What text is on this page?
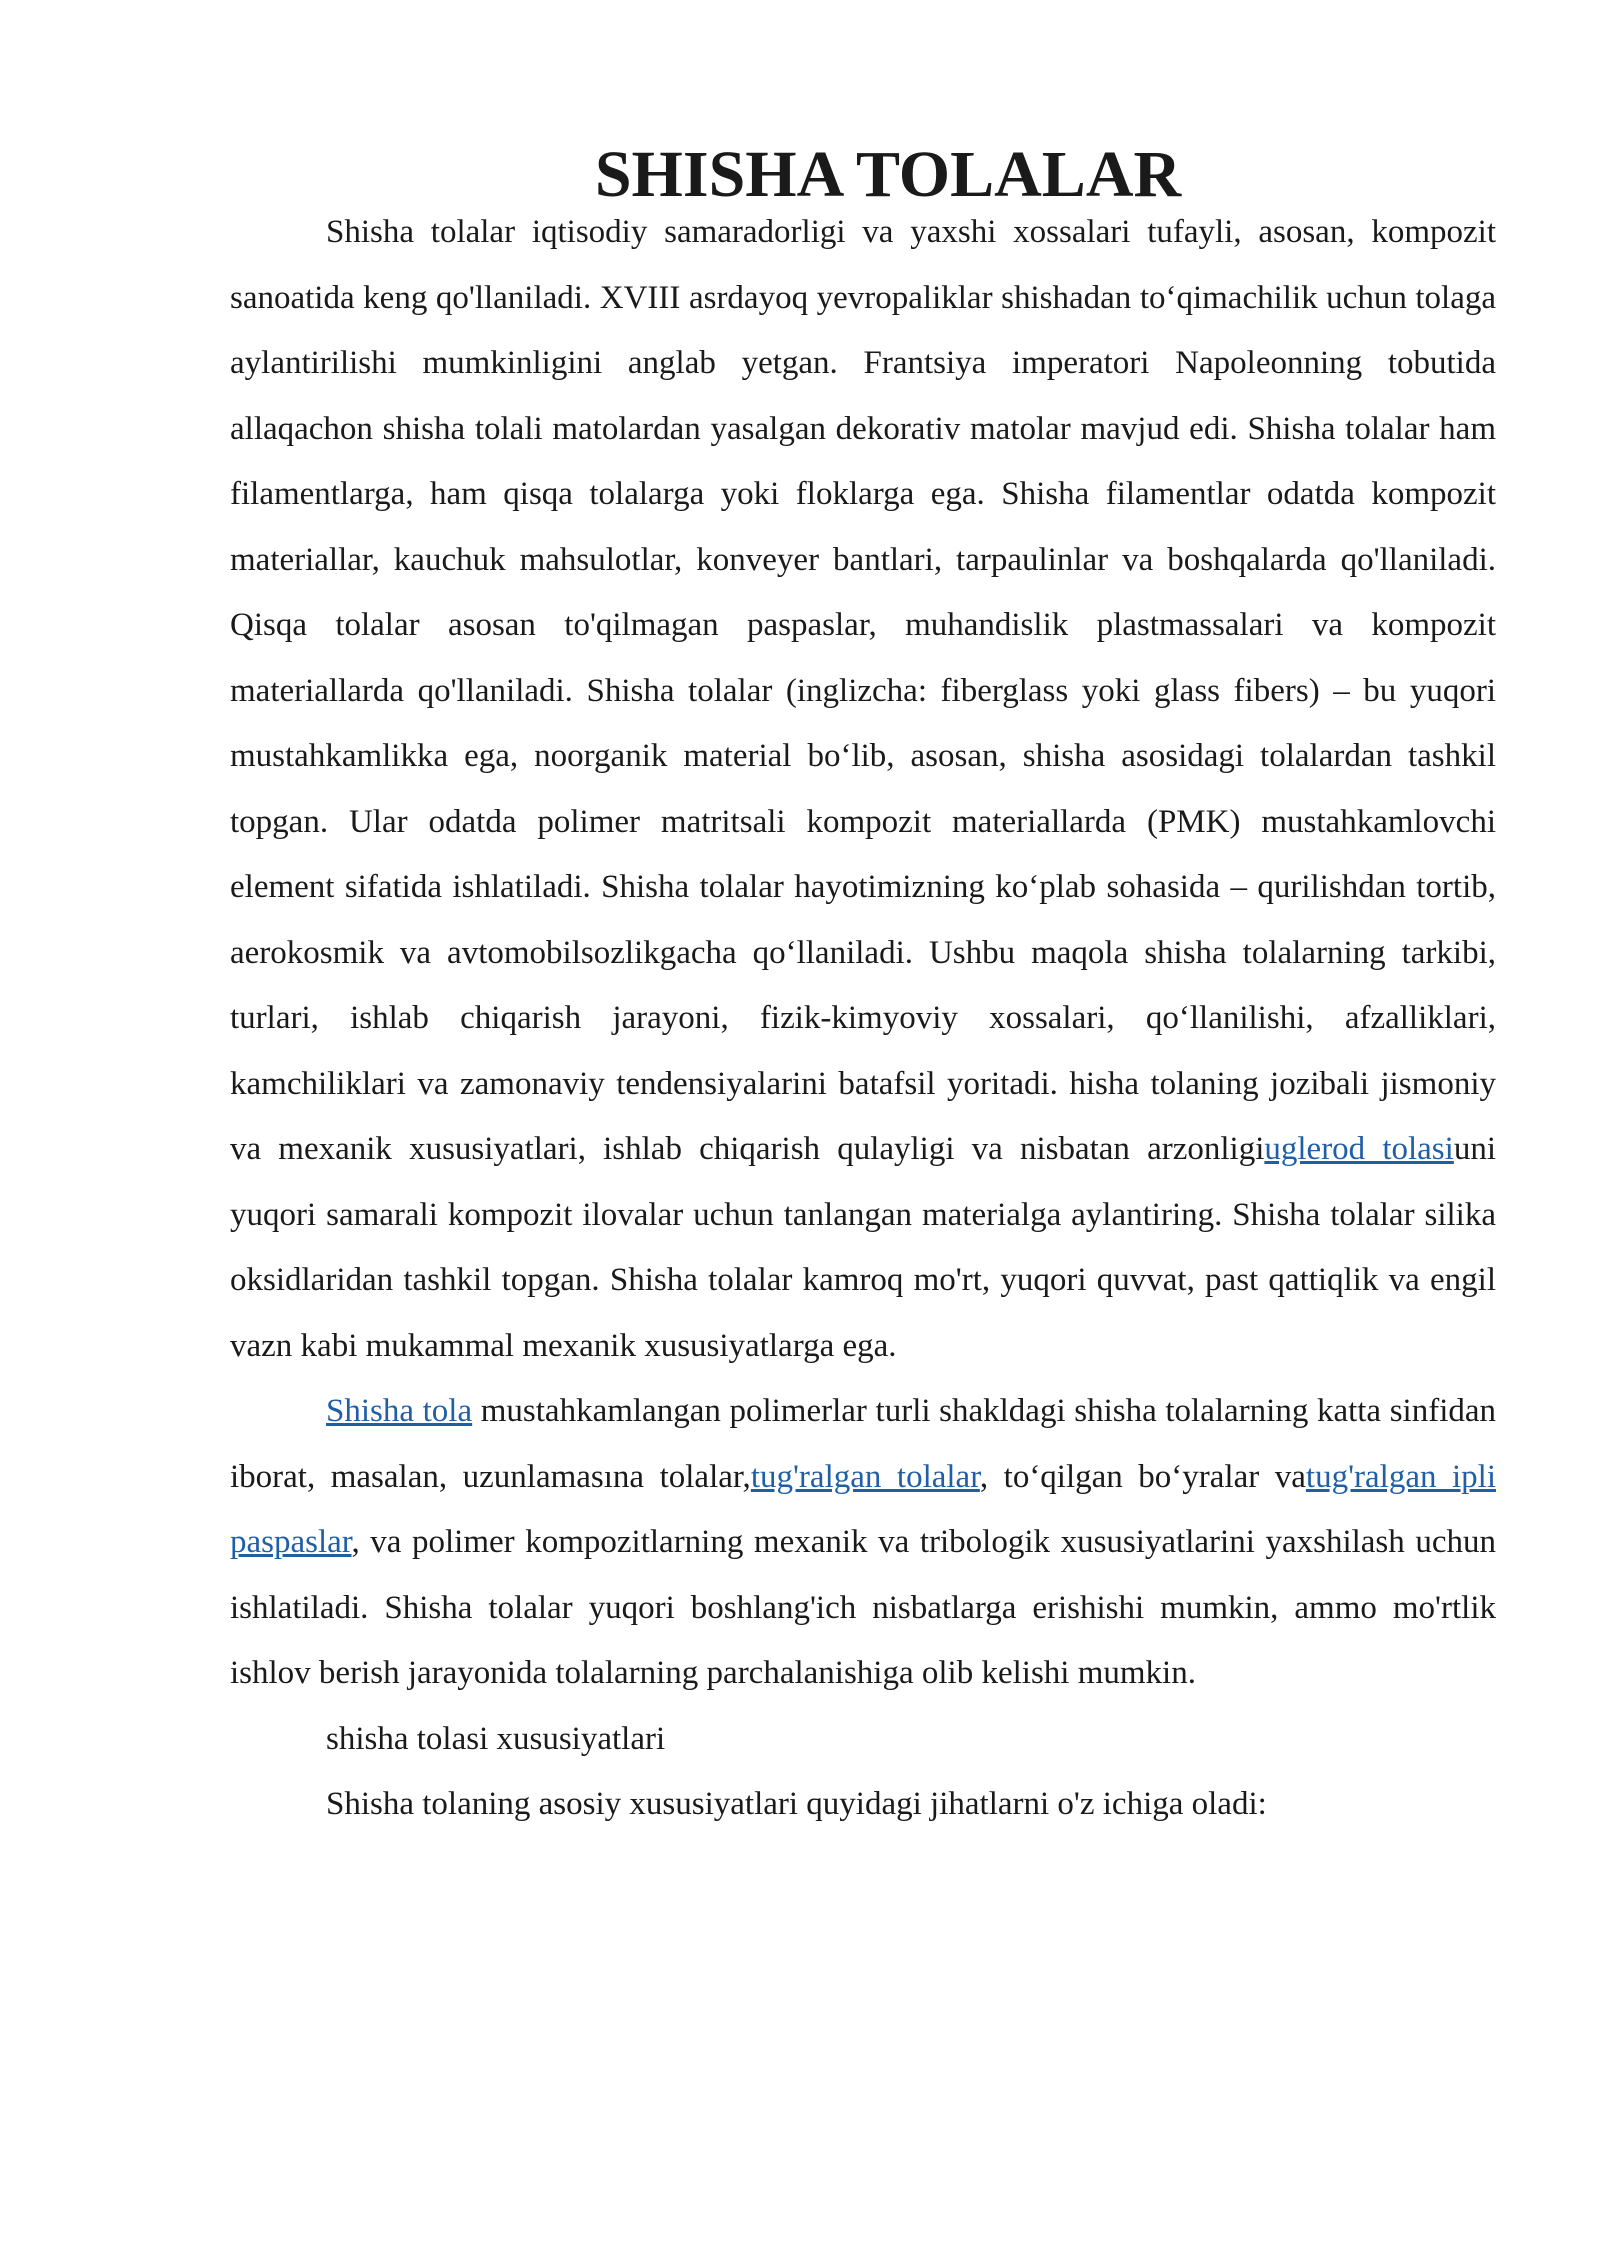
SHISHA TOLALAR

Shisha tolalar iqtisodiy samaradorligi va yaxshi xossalari tufayli, asosan, kompozit sanoatida keng qo'llaniladi. XVIII asrdayoq yevropaliklar shishadan to‘qimachilik uchun tolaga aylantirilishi mumkinligini anglab yetgan. Frantsiya imperatori Napoleonning tobutida allaqachon shisha tolali matolardan yasalgan dekorativ matolar mavjud edi. Shisha tolalar ham filamentlarga, ham qisqa tolalarga yoki floklarga ega. Shisha filamentlar odatda kompozit materiallar, kauchuk mahsulotlar, konveyer bantlari, tarpaulinlar va boshqalarda qo'llaniladi. Qisqa tolalar asosan to'qilmagan paspaslar, muhandislik plastmassalari va kompozit materiallarda qo'llaniladi. Shisha tolalar (inglizcha: fiberglass yoki glass fibers) – bu yuqori mustahkamlikka ega, noorganik material bo‘lib, asosan, shisha asosidagi tolalardan tashkil topgan. Ular odatda polimer matritsali kompozit materiallarda (PMK) mustahkamlovchi element sifatida ishlatiladi. Shisha tolalar hayotimizning ko‘plab sohasida – qurilishdan tortib, aerokosmik va avtomobilsozlikgacha qo‘llaniladi. Ushbu maqola shisha tolalarning tarkibi, turlari, ishlab chiqarish jarayoni, fizik-kimyoviy xossalari, qo‘llanilishi, afzalliklari, kamchiliklari va zamonaviy tendensiyalarini batafsil yoritadi. hisha tolaning jozibali jismoniy va mexanik xususiyatlari, ishlab chiqarish qulayligi va nisbatan arzonligiuglerod tolasiuni yuqori samarali kompozit ilovalar uchun tanlangan materialga aylantiring. Shisha tolalar silika oksidlaridan tashkil topgan. Shisha tolalar kamroq mo'rt, yuqori quvvat, past qattiqlik va engil vazn kabi mukammal mexanik xususiyatlarga ega.

Shisha tola mustahkamlangan polimerlar turli shakldagi shisha tolalarning katta sinfidan iborat, masalan, uzunlamasına tolalar,tug'ralgan tolalar, to‘qilgan bo‘yralar vatug'ralgan ipli paspaslar, va polimer kompozitlarning mexanik va tribologik xususiyatlarini yaxshilash uchun ishlatiladi. Shisha tolalar yuqori boshlang'ich nisbatlarga erishishi mumkin, ammo mo'rtlik ishlov berish jarayonida tolalarning parchalanishiga olib kelishi mumkin.

shisha tolasi xususiyatlari

Shisha tolaning asosiy xususiyatlari quyidagi jihatlarni o'z ichiga oladi:
